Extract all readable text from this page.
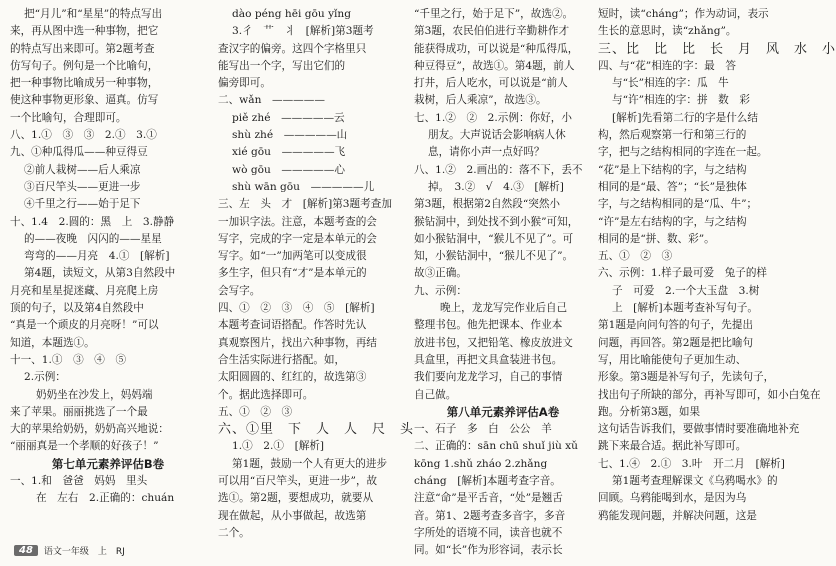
把“月儿”和“星星”的特点写出
来，再从图中选一种事物，把它
的特点写出来即可。第2题考查
仿写句子。例句是一个比喻句，
把一种事物比喻成另一种事物，
使这种事物更形象、逼真。仿写
一个比喻句，合理即可。
八、1.①　③　③　2.①　3.①
九、①种瓜得瓜——种豆得豆
②前人栽树——后人乘凉
③百尺竿头——更进一步
④千里之行——始于足下
十、1.4　2.圆的：黑　上　3.静静
的——夜晚　闪闪的——星星
弯弯的——月亮　4.①　[解析]
第4题，读短文，从第3自然段中
月亮和星星捉迷藏、月亮爬上房
顶的句子，以及第4自然段中
“真是一个顽皮的月亮呀！”可以
知道，本题选①。
十一、1.①　③　④　⑤
2.示例：
奶奶坐在沙发上，妈妈端
来了苹果。丽丽挑选了一个最
大的苹果给奶奶，奶奶高兴地说：
“丽丽真是一个孝顺的好孩子！”
第七单元素养评估B卷
一、1.和　爸爸　妈妈　里头
在　左右　2.正确的：chuán
dào péng hēi gōu yǐng
3.彳　艹　丬　[解析]第3题考
查汉字的偏旁。这四个字格里只
能写出一个字，写出它们的
偏旁即可。
二、wǎn　—————
piě zhé　—————云
shù zhé　—————山
xié gōu　—————飞
wò gōu　—————心
shù wān gōu　—————儿
三、左　头　才　[解析]第3题考查加
一加识字法。注意，本题考查的会
写字，完成的字一定是本单元的会
写字。如“一”加两笔可以变成很
多生字，但只有“才”是本单元的
会写字。
四、①　②　③　④　⑤　[解析]
本题考查词语搭配。作答时先认
真观察图片，找出六种事物，再结
合生活实际进行搭配。如，
太阳圆圆的、红红的，故选第③
个。据此选择即可。
五、①　②　③
六、①里　下　人　人　尺　头
1.①　2.①　[解析]
第1题，鼓励一个人有更大的进步
可以用“百尺竿头，更进一步”，故
选①。第2题，要想成功，就要从
现在做起，从小事做起，故选第
二个。
“千里之行，始于足下”，故选②。
第3题，农民伯伯进行辛勤耕作才
能获得成功，可以说是“种瓜得瓜，
种豆得豆”，故选①。第4题，前人
打井，后人吃水，可以说是“前人
栽树，后人乘凉”，故选③。
七、1.②　②　2.示例：你好，小
朋友。大声说话会影响病人休
息，请你小声一点好吗？
八、1.②　2.画出的：落不下，丢不
掉。　3.②　√　4.③　[解析]
第3题，根据第2自然段“突然小
猴钻洞中，到处找不到小猴”可知，
如小猴钻洞中，“猴儿不见了”。可
知，小猴钻洞中，“猴儿不见了”。
故③正确。
九、示例：
晚上，龙龙写完作业后自己
整理书包。他先把课本、作业本
放进书包，又把铅笔、橡皮放进文
具盒里，再把文具盒装进书包。
我们要向龙龙学习，自己的事情
自己做。
第八单元素养评估A卷
一、石子　多　白　公公　羊
二、正确的：sān chū shuǐ jiù xǔ
kōng 1.shǔ zháo 2.zhǎng
cháng　[解析]本题考查字音。
注意“命”是平舌音，“处”是翘舌
音。第1、2题考查多音字，多音
字所处的语境不同，读音也就不
同。如“长”作为形容词，表示长
短时，读“cháng”；作为动词，表示
生长的意思时，读“zhǎng”。
三、比　比　比　长　月　风　水　小
四、与“花”相连的字：最　答
与“长”相连的字：瓜　牛
与“许”相连的字：拼　数　彩
[解析]先看第二行的字是什么结
构，然后观察第一行和第三行的
字，把与之结构相同的字连在一起。
“花”是上下结构的字，与之结构
相同的是“最、答”；“长”是独体
字，与之结构相同的是“瓜、牛”；
“许”是左右结构的字，与之结构
相同的是“拼、数、彩”。
五、①　②　③
六、示例：1.样子最可爱　兔子的样
子　可爱　2.一个大玉盘　3.树
上　[解析]本题考查补写句子。
第1题是向问句答的句子，先提出
问题，再回答。第2题是把比喻句
写，用比喻能使句子更加生动、
形象。第3题是补写句子，先读句子，
找出句子所缺的部分，再补写即可，如小白兔在
跑。分析第3题，如果
这句话告诉我们，要做事情时要准确地补充
跳下来最合适。据此补写即可。
七、1.④　2.①　3.叶　开二月　[解析]
第1题考查理解课文《乌鸦喝水》的
回顾。乌鸦能喝到水，是因为乌
鸦能发现问题，并解决问题，这是
48	语文一年级　上　RJ
